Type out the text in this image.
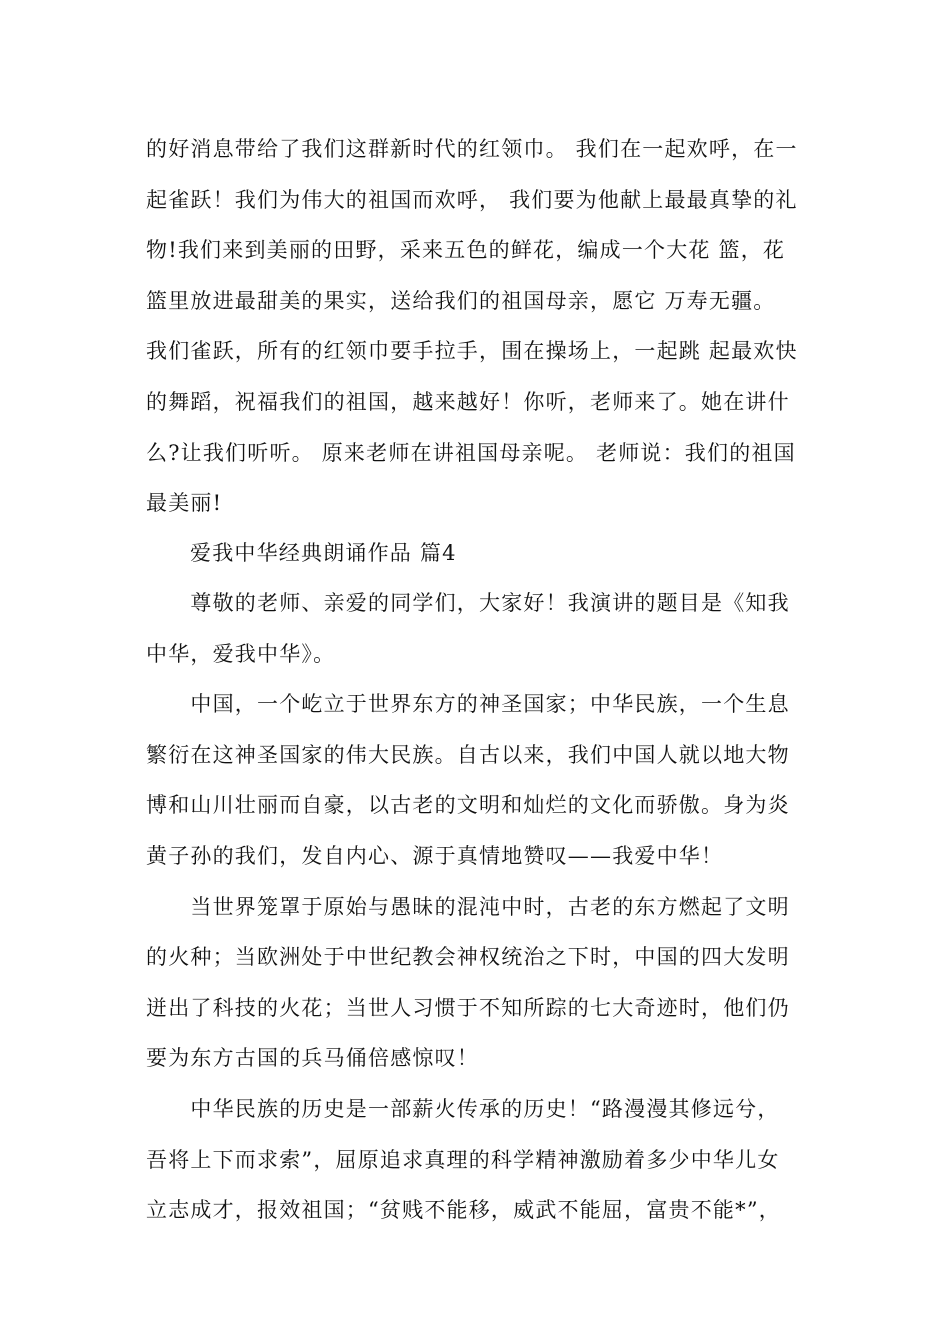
的好消息带给了我们这群新时代的红领巾。 我们在一起欢呼，在一
起雀跃！我们为伟大的祖国而欢呼， 我们要为他献上最最真挚的礼
物!我们来到美丽的田野，采来五色的鲜花，编成一个大花 篮，花
篮里放进最甜美的果实，送给我们的祖国母亲，愿它 万寿无疆。
我们雀跃，所有的红领巾要手拉手，围在操场上，一起跳 起最欢快
的舞蹈，祝福我们的祖国，越来越好！你听，老师来了。她在讲什
么?让我们听听。 原来老师在讲祖国母亲呢。 老师说：我们的祖国
最美丽!
爱我中华经典朗诵作品 篇4
　　尊敬的老师、亲爱的同学们，大家好！我演讲的题目是《知我
中华，爱我中华》。
　　中国，一个屹立于世界东方的神圣国家；中华民族，一个生息
繁衍在这神圣国家的伟大民族。自古以来，我们中国人就以地大物
博和山川壮丽而自豪，以古老的文明和灿烂的文化而骄傲。身为炎
黄子孙的我们，发自内心、源于真情地赞叹——我爱中华！
　　当世界笼罩于原始与愚昧的混沌中时，古老的东方燃起了文明
的火种；当欧洲处于中世纪教会神权统治之下时，中国的四大发明
迸出了科技的火花；当世人习惯于不知所踪的七大奇迹时，他们仍
要为东方古国的兵马俑倍感惊叹！
　　中华民族的历史是一部薪火传承的历史！“路漫漫其修远兮，
吾将上下而求索”，屈原追求真理的科学精神激励着多少中华儿女
立志成才，报效祖国；“贫贱不能移，威武不能屈，富贵不能*”，
